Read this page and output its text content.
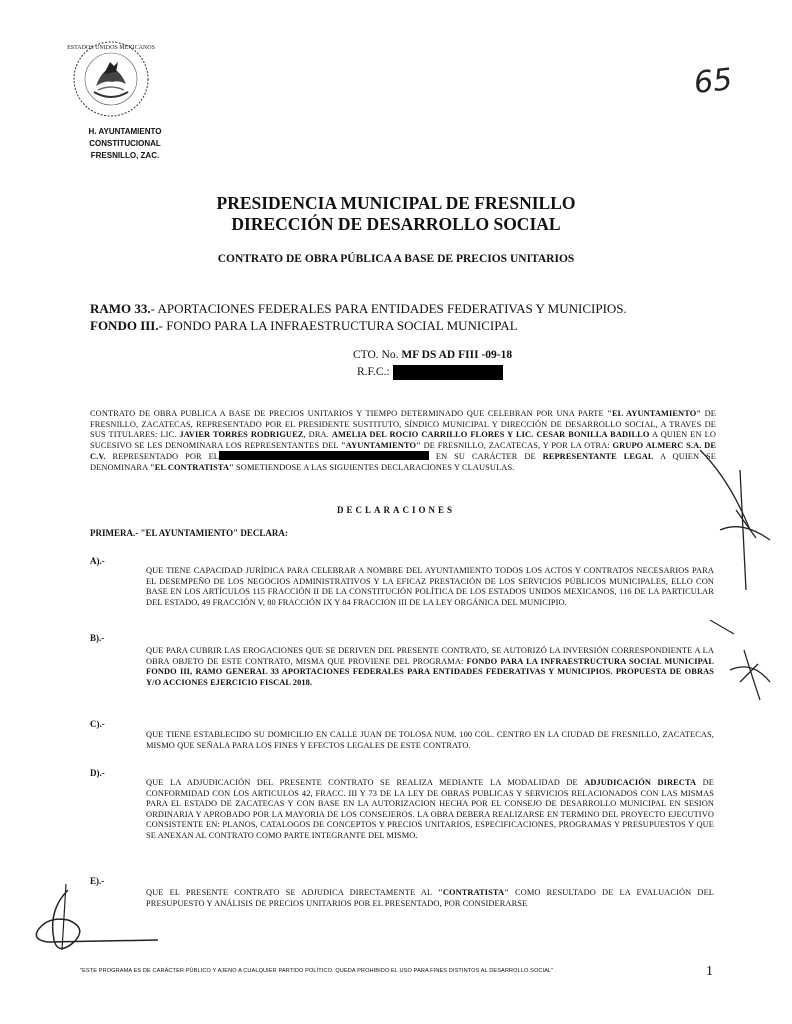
ESTADOS UNIDOS MEXICANOS
H. AYUNTAMIENTO
CONSTITUCIONAL
FRESNILLO, ZAC.
65
PRESIDENCIA MUNICIPAL DE FRESNILLO
DIRECCIÓN DE DESARROLLO SOCIAL
CONTRATO DE OBRA PÚBLICA A BASE DE PRECIOS UNITARIOS
RAMO 33.- APORTACIONES FEDERALES PARA ENTIDADES FEDERATIVAS Y MUNICIPIOS.
FONDO III.- FONDO PARA LA INFRAESTRUCTURA SOCIAL MUNICIPAL
CTO. No. MF DS AD FIII -09-18
R.F.C.:
CONTRATO DE OBRA PUBLICA A BASE DE PRECIOS UNITARIOS Y TIEMPO DETERMINADO QUE CELEBRAN POR UNA PARTE "EL AYUNTAMIENTO" DE FRESNILLO, ZACATECAS, REPRESENTADO POR EL PRESIDENTE SUSTITUTO, SÍNDICO MUNICIPAL Y DIRECCIÓN DE DESARROLLO SOCIAL, A TRAVES DE SUS TITULARES: LIC. JAVIER TORRES RODRIGUEZ, DRA. AMELIA DEL ROCIO CARRILLO FLORES Y LIC. CESAR BONILLA BADILLO A QUIEN EN LO SUCESIVO SE LES DENOMINARA LOS REPRESENTANTES DEL "AYUNTAMIENTO" DE FRESNILLO, ZACATECAS, Y POR LA OTRA: GRUPO ALMERC S.A. DE C.V. REPRESENTADO POR EL	EN SU CARÁCTER DE REPRESENTANTE LEGAL A QUIEN SE DENOMINARA "EL CONTRATISTA" SOMETIENDOSE A LAS SIGUIENTES DECLARACIONES Y CLAUSULAS.
DECLARACIONES
PRIMERA.- "EL AYUNTAMIENTO" DECLARA:
A).-
QUE TIENE CAPACIDAD JURÍDICA PARA CELEBRAR A NOMBRE DEL AYUNTAMIENTO TODOS LOS ACTOS Y CONTRATOS NECESARIOS PARA EL DESEMPEÑO DE LOS NEGOCIOS ADMINISTRATIVOS Y LA EFICAZ PRESTACIÓN DE LOS SERVICIOS PÚBLICOS MUNICIPALES, ELLO CON BASE EN LOS ARTÍCULOS 115 FRACCIÓN II DE LA CONSTITUCIÓN POLÍTICA DE LOS ESTADOS UNIDOS MEXICANOS, 116 DE LA PARTICULAR DEL ESTADO, 49 FRACCIÓN V, 80 FRACCIÓN IX Y 84 FRACCION III DE LA LEY ORGÁNICA DEL MUNICIPIO.
B).-
QUE PARA CUBRIR LAS EROGACIONES QUE SE DERIVEN DEL PRESENTE CONTRATO, SE AUTORIZÓ LA INVERSIÓN CORRESPONDIENTE A LA OBRA OBJETO DE ESTE CONTRATO, MISMA QUE PROVIENE DEL PROGRAMA: FONDO PARA LA INFRAESTRUCTURA SOCIAL MUNICIPAL FONDO III, RAMO GENERAL 33 APORTACIONES FEDERALES PARA ENTIDADES FEDERATIVAS Y MUNICIPIOS. PROPUESTA DE OBRAS Y/O ACCIONES EJERCICIO FISCAL 2018.
C).-
QUE TIENE ESTABLECIDO SU DOMICILIO EN CALLE JUAN DE TOLOSA NUM. 100 COL. CENTRO EN LA CIUDAD DE FRESNILLO, ZACATECAS, MISMO QUE SEÑALA PARA LOS FINES Y EFECTOS LEGALES DE ESTE CONTRATO.
D).-
QUE LA ADJUDICACIÓN DEL PRESENTE CONTRATO SE REALIZA MEDIANTE LA MODALIDAD DE ADJUDICACIÓN DIRECTA DE CONFORMIDAD CON LOS ARTICULOS 42, FRACC. III Y 73 DE LA LEY DE OBRAS PUBLICAS Y SERVICIOS RELACIONADOS CON LAS MISMAS PARA EL ESTADO DE ZACATECAS Y CON BASE EN LA AUTORIZACION HECHA POR EL CONSEJO DE DESARROLLO MUNICIPAL EN SESION ORDINARIA Y APROBADO POR LA MAYORIA DE LOS CONSEJEROS. LA OBRA DEBERA REALIZARSE EN TERMINO DEL PROYECTO EJECUTIVO CONSISTENTE EN: PLANOS, CATALOGOS DE CONCEPTOS Y PRECIOS UNITARIOS, ESPECIFICACIONES, PROGRAMAS Y PRESUPUESTOS Y QUE SE ANEXAN AL CONTRATO COMO PARTE INTEGRANTE DEL MISMO.
E).-
QUE EL PRESENTE CONTRATO SE ADJUDICA DIRECTAMENTE AL "CONTRATISTA" COMO RESULTADO DE LA EVALUACIÓN DEL PRESUPUESTO Y ANÁLISIS DE PRECIOS UNITARIOS POR EL PRESENTADO, POR CONSIDERARSE
"ESTE PROGRAMA ES DE CARÁCTER PÚBLICO Y AJENO A CUALQUIER PARTIDO POLÍTICO. QUEDA PROHIBIDO EL USO PARA FINES DISTINTOS AL DESARROLLO SOCIAL"	1
